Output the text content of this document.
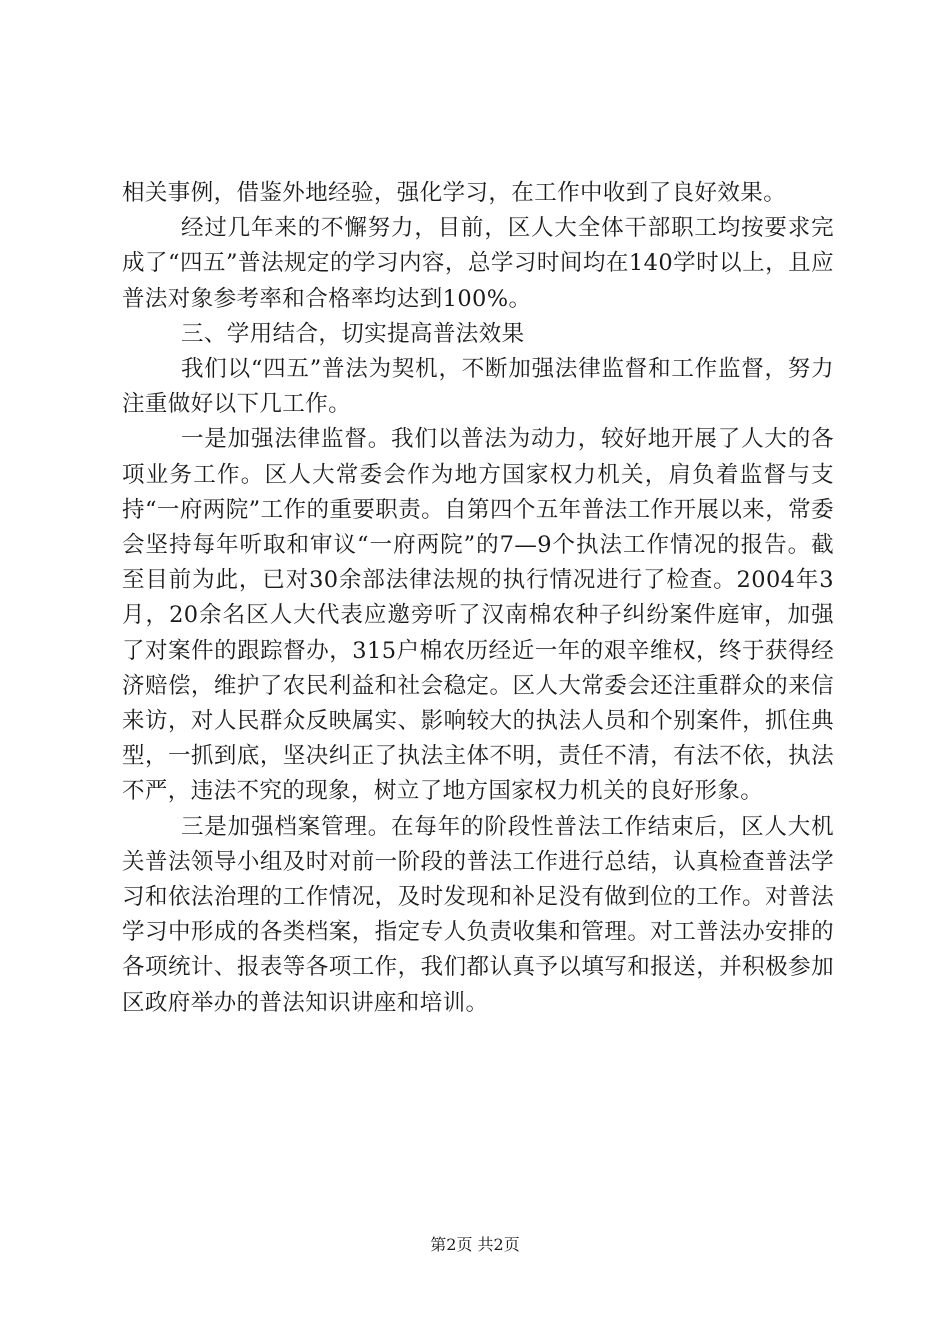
相关事例，借鉴外地经验，强化学习，在工作中收到了良好效果。

经过几年来的不懈努力，目前，区人大全体干部职工均按要求完成了“四五”普法规定的学习内容，总学习时间均在140学时以上，且应普法对象参考率和合格率均达到100%。

三、学用结合，切实提高普法效果

我们以“四五”普法为契机，不断加强法律监督和工作监督，努力注重做好以下几工作。

一是加强法律监督。我们以普法为动力，较好地开展了人大的各项业务工作。区人大常委会作为地方国家权力机关，肩负着监督与支持“一府两院”工作的重要职责。自第四个五年普法工作开展以来，常委会坚持每年听取和审议“一府两院”的7—9个执法工作情况的报告。截至目前为此，已对30余部法律法规的执行情况进行了检查。2004年3月，20余名区人大代表应邀旁听了汉南棉农种子纠纷案件庭审，加强了对案件的跟踪督办，315户棉农历经近一年的艰辛维权，终于获得经济赔偿，维护了农民利益和社会稳定。区人大常委会还注重群众的来信来访，对人民群众反映属实、影响较大的执法人员和个别案件，抓住典型，一抓到底，坚决纠正了执法主体不明，责任不清，有法不依，执法不严，违法不究的现象，树立了地方国家权力机关的良好形象。

三是加强档案管理。在每年的阶段性普法工作结束后，区人大机关普法领导小组及时对前一阶段的普法工作进行总结，认真检查普法学习和依法治理的工作情况，及时发现和补足没有做到位的工作。对普法学习中形成的各类档案，指定专人负责收集和管理。对工普法办安排的各项统计、报表等各项工作，我们都认真予以填写和报送，并积极参加区政府举办的普法知识讲座和培训。

第2页 共2页
